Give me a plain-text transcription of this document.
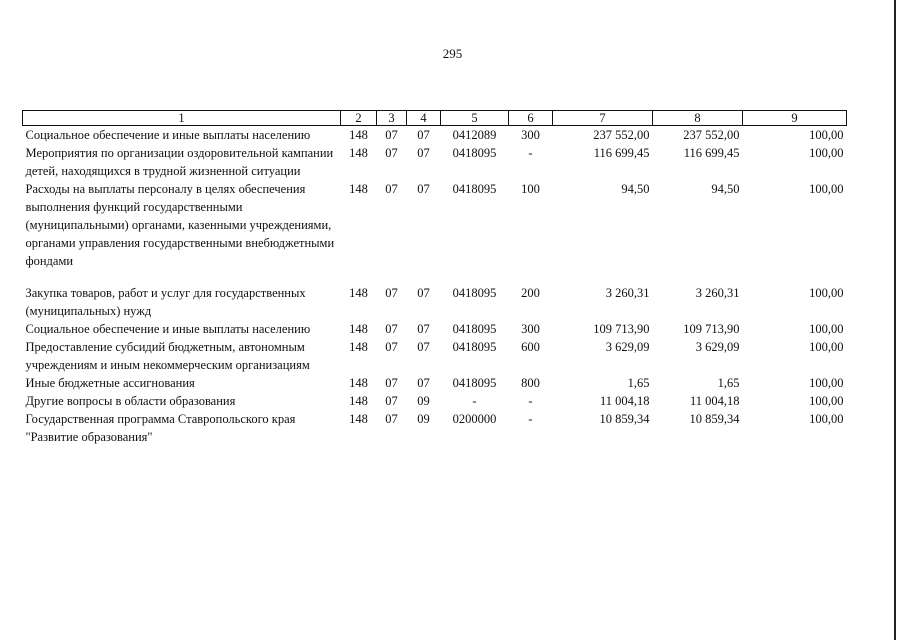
295
1	2	3	4	5	6	7	8	9
Социальное обеспечение и иные выплаты населению	148	07	07	0412089	300	237 552,00	237 552,00	100,00
Мероприятия по организации оздоровительной кампании детей, находящихся в трудной жизненной ситуации	148	07	07	0418095	-	116 699,45	116 699,45	100,00
Расходы на выплаты персоналу в целях обеспечения выполнения функций государственными (муниципальными) органами, казенными учреждениями, органами управления государственными внебюджетными фондами	148	07	07	0418095	100	94,50	94,50	100,00

Закупка товаров, работ и услуг для государственных (муниципальных) нужд	148	07	07	0418095	200	3 260,31	3 260,31	100,00
Социальное обеспечение и иные выплаты населению	148	07	07	0418095	300	109 713,90	109 713,90	100,00
Предоставление субсидий бюджетным, автономным учреждениям и иным некоммерческим организациям	148	07	07	0418095	600	3 629,09	3 629,09	100,00
Иные бюджетные ассигнования	148	07	07	0418095	800	1,65	1,65	100,00
Другие вопросы в области образования	148	07	09	-	-	11 004,18	11 004,18	100,00
Государственная программа Ставропольского края "Развитие образования"	148	07	09	0200000	-	10 859,34	10 859,34	100,00
